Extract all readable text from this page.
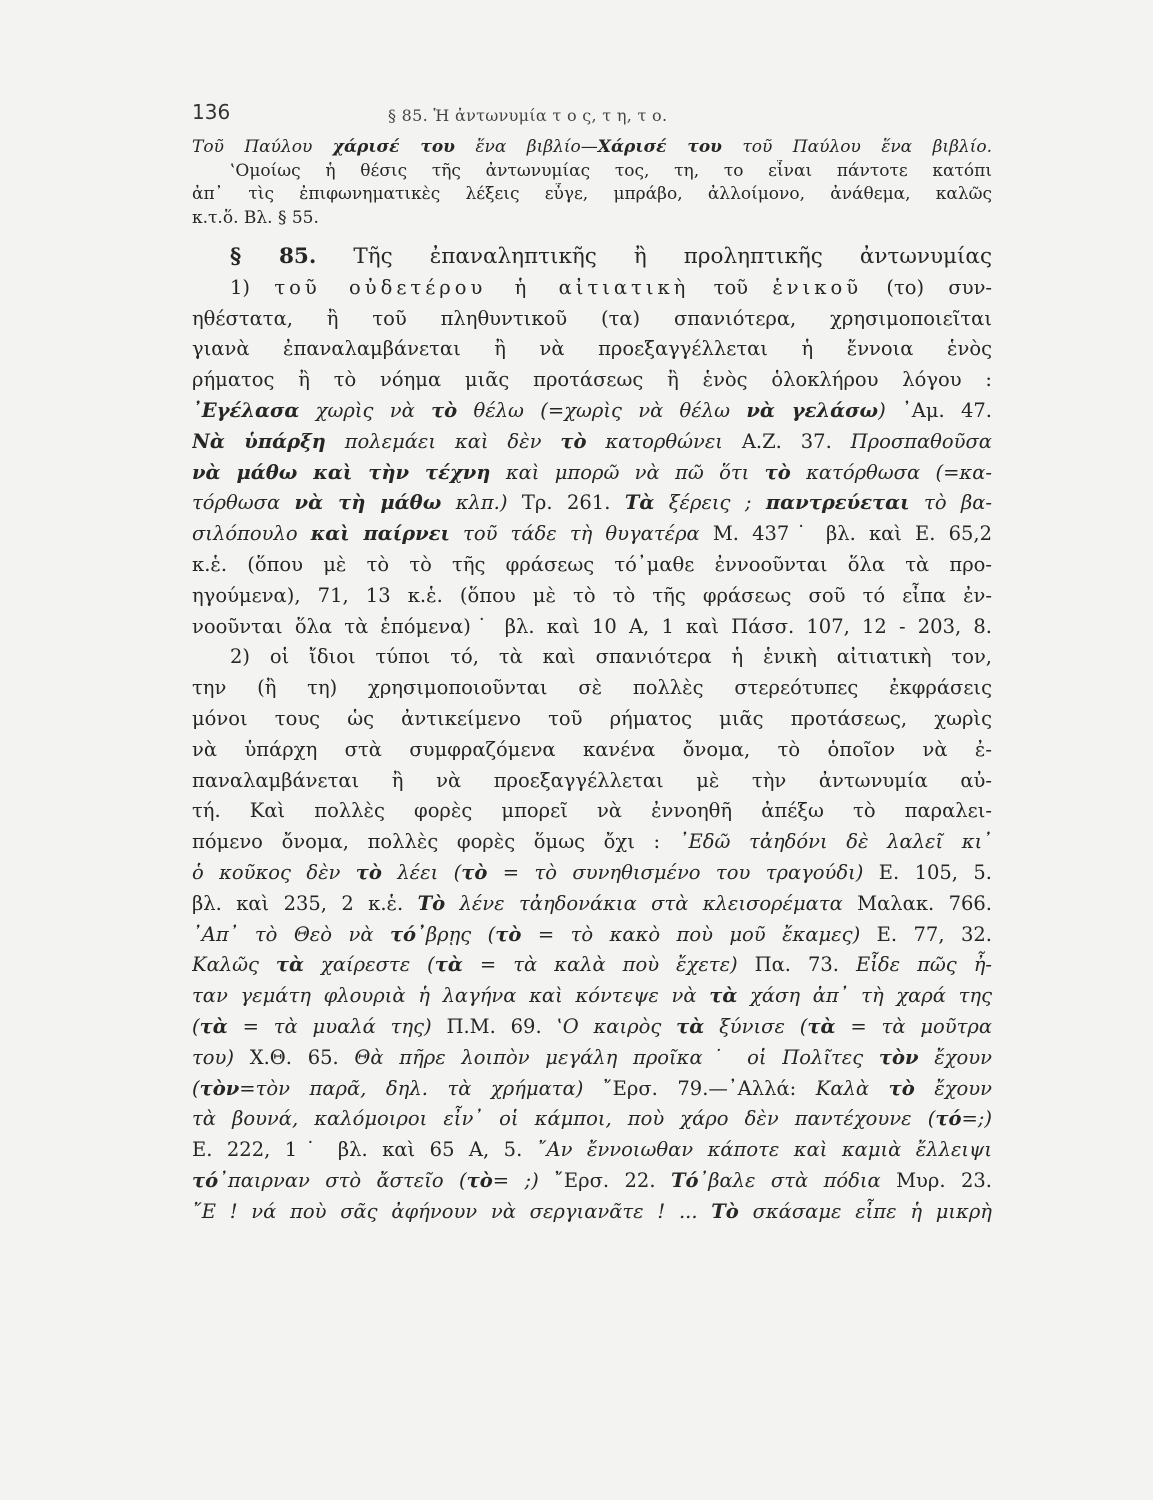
136	§ 85. Ἡ ἀντωνυμία τ ο ς, τ η, τ ο.
Τοῦ Παύλου χάρισέ του ἕνα βιβλίο—Χάρισέ του τοῦ Παύλου ἕνα βιβλίο.
‛Ομοίως ἡ θέσις τῆς ἀντωνυμίας τος, τη, το εἶναι πάντοτε κατόπι
ἀπ᾽ τὶς ἐπιφωνηματικὲς λέξεις εὖγε, μπράβο, ἀλλοίμονο, ἀνάθεμα, καλῶς
κ.τ.ὅ. Βλ. § 55.
§ 85. Τῆς ἐπαναληπτικῆς ἢ προληπτικῆς ἀντωνυμίας
1) τοῦ οὐδετέρου ἡ αἰτιατικὴ τοῦ ἑνικοῦ (το) συν-
ηθέστατα, ἢ τοῦ πληθυντικοῦ (τα) σπανιότερα, χρησιμοποιεῖται
γιανὰ ἐπαναλαμβάνεται ἢ νὰ προεξαγγέλλεται ἡ ἔννοια ἑνὸς
ρήματος ἢ τὸ νόημα μιᾶς προτάσεως ἢ ἑνὸς ὁλοκλήρου λόγου :
᾽Εγέλασα χωρὶς νὰ τὸ θέλω (=χωρὶς νὰ θέλω νὰ γελάσω) ᾽Αμ. 47.
Νὰ ὑπάρξη πολεμάει καὶ δὲν τὸ κατορθώνει Α.Ζ. 37. Προσπαθοῦσα
νὰ μάθω καὶ τὴν τέχνη καὶ μπορῶ νὰ πῶ ὅτι τὸ κατόρθωσα (=κα-
τόρθωσα νὰ τὴ μάθω κλπ.) Τρ. 261. Τὰ ξέρεις ; παντρεύεται τὸ βα-
σιλόπουλο καὶ παίρνει τοῦ τάδε τὴ θυγατέρα Μ. 437˙ βλ. καὶ Ε. 65,2
κ.ἑ. (ὅπου μὲ τὸ τὸ τῆς φράσεως τό᾽μαθε ἐννοοῦνται ὅλα τὰ προ-
ηγούμενα), 71, 13 κ.ἑ. (ὅπου μὲ τὸ τὸ τῆς φράσεως σοῦ τό εἶπα ἐν-
νοοῦνται ὅλα τὰ ἑπόμενα)˙ βλ. καὶ 10 Α, 1 καὶ Πάσσ. 107, 12 - 203, 8.
2) οἱ ἴδιοι τύποι τό, τὰ καὶ σπανιότερα ἡ ἑνικὴ αἰτιατικὴ τον,
την (ἢ τη) χρησιμοποιοῦνται σὲ πολλὲς στερεότυπες ἐκφράσεις
μόνοι τους ὡς ἀντικείμενο τοῦ ρήματος μιᾶς προτάσεως, χωρὶς
νὰ ὑπάρχη στὰ συμφραζόμενα κανένα ὄνομα, τὸ ὁποῖον νὰ ἐ-
παναλαμβάνεται ἢ νὰ προεξαγγέλλεται μὲ τὴν ἀντωνυμία αὐ-
τή. Καὶ πολλὲς φορὲς μπορεῖ νὰ ἐννοηθῆ ἀπέξω τὸ παραλει-
πόμενο ὄνομα, πολλὲς φορὲς ὅμως ὄχι : ᾽Εδῶ τἀηδόνι δὲ λαλεῖ κι᾽
ὁ κοῦκος δὲν τὸ λέει (τὸ = τὸ συνηθισμένο του τραγούδι) Ε. 105, 5.
βλ. καὶ 235, 2 κ.ἑ. Τὸ λένε τἀηδονάκια στὰ κλεισορέματα Μαλακ. 766.
᾽Απ᾽ τὸ Θεὸ νὰ τό᾽βρῃς (τὸ = τὸ κακὸ ποὺ μοῦ ἔκαμες) Ε. 77, 32.
Καλῶς τὰ χαίρεστε (τὰ = τὰ καλὰ ποὺ ἔχετε) Πα. 73. Εἶδε πῶς ἦ-
ταν γεμάτη φλουριὰ ἡ λαγήνα καὶ κόντεψε νὰ τὰ χάση ἀπ᾽ τὴ χαρά της
(τὰ = τὰ μυαλά της) Π.Μ. 69. ‛Ο καιρὸς τὰ ξύνισε (τὰ = τὰ μοῦτρα
του) Χ.Θ. 65. Θὰ πῆρε λοιπὸν μεγάλη προῖκα˙ οἱ Πολῖτες τὸν ἔχουν
(τὸν=τὸν παρᾶ, δηλ. τὰ χρήματα) ῎Ερσ. 79.—᾽Αλλά: Καλὰ τὸ ἔχουν
τὰ βουνά, καλόμοιροι εἶν᾽ οἱ κάμποι, ποὺ χάρο δὲν παντέχουνε (τό=;)
Ε. 222, 1˙ βλ. καὶ 65 Α, 5. ῎Αν ἔννοιωθαν κάποτε καὶ καμιὰ ἔλλειψι
τό᾽παιρναν στὸ ἄστεῖο (τὸ= ;) ῎Ερσ. 22. Τό᾽βαλε στὰ πόδια Μυρ. 23.
῎Ε ! νά ποὺ σᾶς ἀφήνουν νὰ σεργιανᾶτε ! ... Τὸ σκάσαμε εἶπε ἡ μικρὴ
